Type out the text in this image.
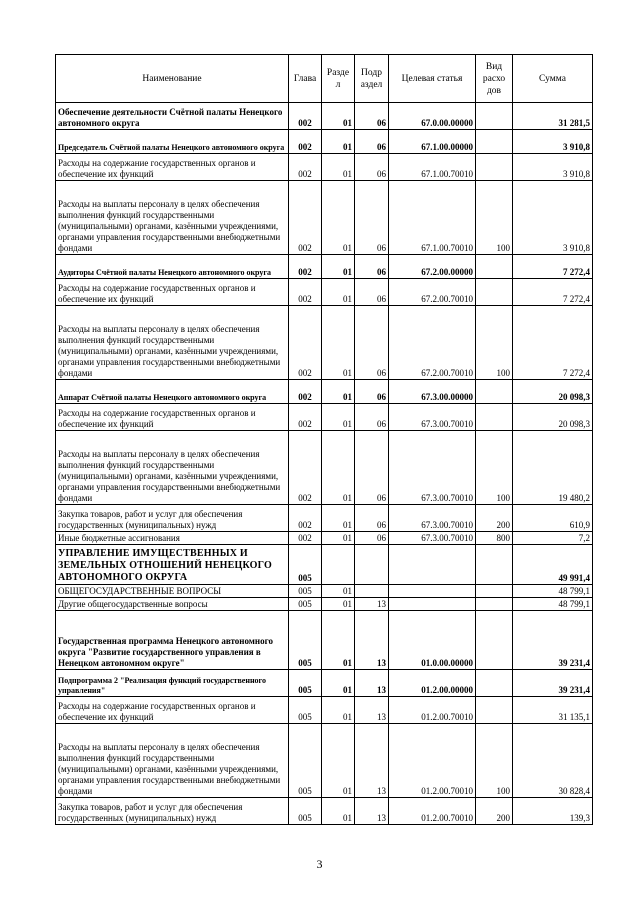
Наименование	Глава	Разде л	Подр аздел	Целевая статья	Вид расхо дов	Сумма
Обеспечение деятельности Счётной палаты Ненецкого автономного округа	002	01	06	67.0.00.00000		31 281,5
Председатель Счётной палаты Ненецкого автономного округа	002	01	06	67.1.00.00000		3 910,8
Расходы на содержание государственных органов и обеспечение их функций	002	01	06	67.1.00.70010		3 910,8
Расходы на выплаты персоналу в целях обеспечения выполнения функций государственными (муниципальными) органами, казёнными учреждениями, органами управления государственными внебюджетными фондами	002	01	06	67.1.00.70010	100	3 910,8
Аудиторы Счётной палаты Ненецкого автономного округа	002	01	06	67.2.00.00000		7 272,4
Расходы на содержание государственных органов и обеспечение их функций	002	01	06	67.2.00.70010		7 272,4
Расходы на выплаты персоналу в целях обеспечения выполнения функций государственными (муниципальными) органами, казёнными учреждениями, органами управления государственными внебюджетными фондами	002	01	06	67.2.00.70010	100	7 272,4
Аппарат Счётной палаты Ненецкого автономного округа	002	01	06	67.3.00.00000		20 098,3
Расходы на содержание государственных органов и обеспечение их функций	002	01	06	67.3.00.70010		20 098,3
Расходы на выплаты персоналу в целях обеспечения выполнения функций государственными (муниципальными) органами, казёнными учреждениями, органами управления государственными внебюджетными фондами	002	01	06	67.3.00.70010	100	19 480,2
Закупка товаров, работ и услуг для обеспечения государственных (муниципальных) нужд	002	01	06	67.3.00.70010	200	610,9
Иные бюджетные ассигнования	002	01	06	67.3.00.70010	800	7,2
УПРАВЛЕНИЕ ИМУЩЕСТВЕННЫХ И ЗЕМЕЛЬНЫХ ОТНОШЕНИЙ НЕНЕЦКОГО АВТОНОМНОГО ОКРУГА	005					49 991,4
ОБЩЕГОСУДАРСТВЕННЫЕ ВОПРОСЫ	005	01				48 799,1
Другие общегосударственные вопросы	005	01	13			48 799,1
Государственная программа Ненецкого автономного округа "Развитие государственного управления в Ненецком автономном округе"	005	01	13	01.0.00.00000		39 231,4
Подпрограмма 2 "Реализация функций государственного управления"	005	01	13	01.2.00.00000		39 231,4
Расходы на содержание государственных органов и обеспечение их функций	005	01	13	01.2.00.70010		31 135,1
Расходы на выплаты персоналу в целях обеспечения выполнения функций государственными (муниципальными) органами, казёнными учреждениями, органами управления государственными внебюджетными фондами	005	01	13	01.2.00.70010	100	30 828,4
Закупка товаров, работ и услуг для обеспечения государственных (муниципальных) нужд	005	01	13	01.2.00.70010	200	139,3
3
